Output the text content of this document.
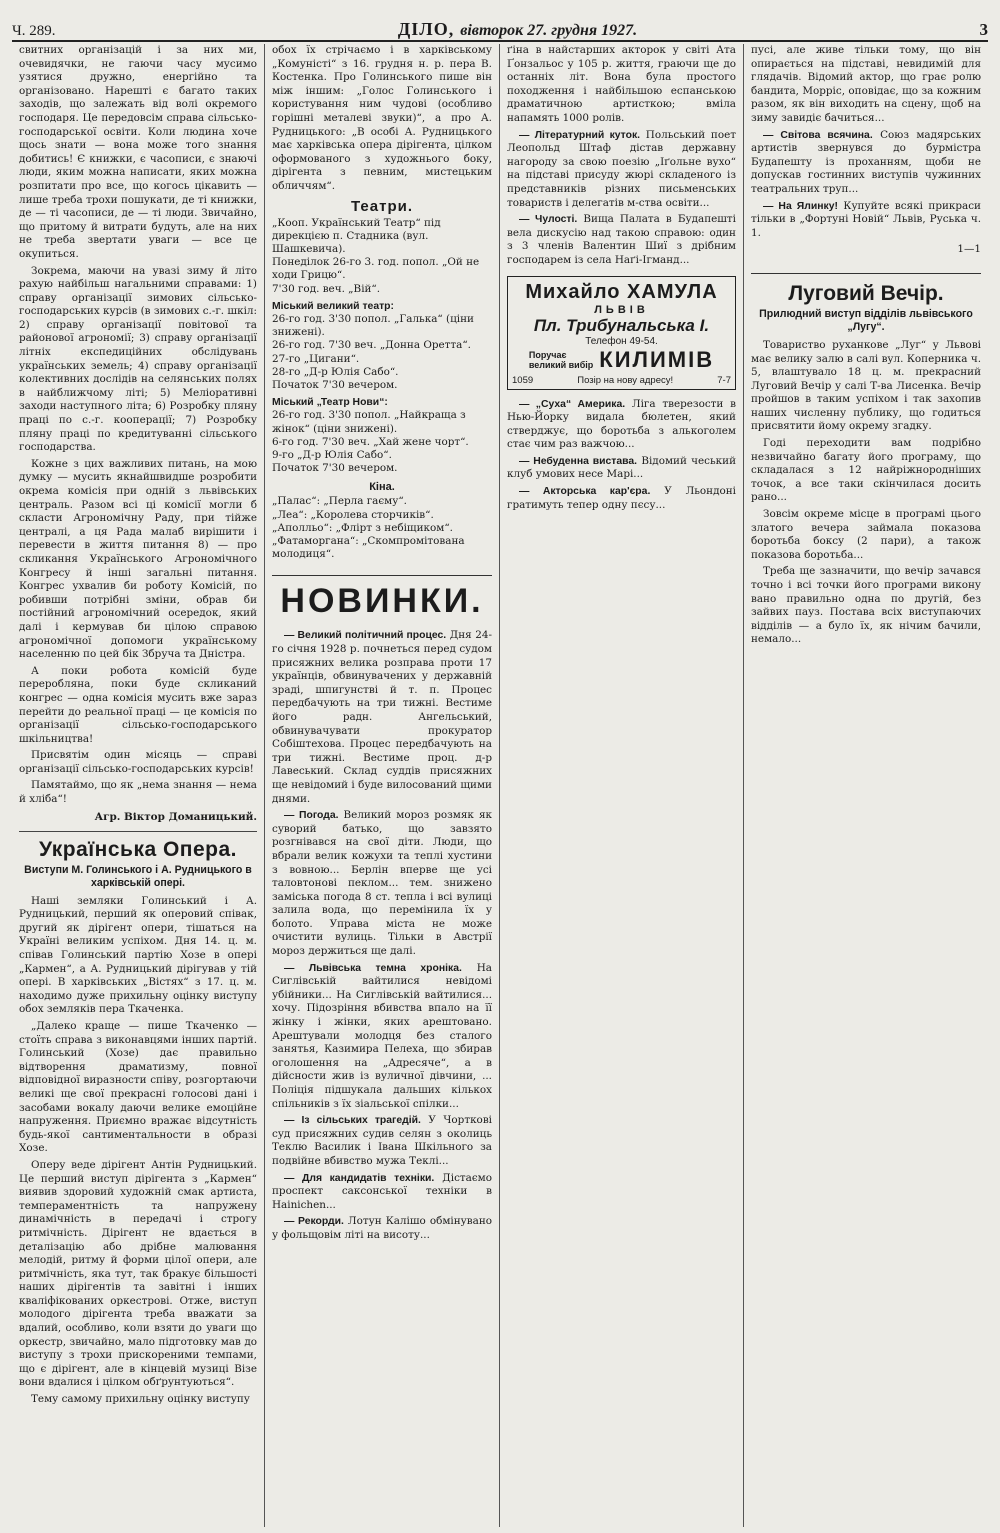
Ч. 289.	ДІЛО, вівторок 27. грудня 1927.	3

свитних організацій і за них ми, очевидячки, не гаючи часу мусимо узятися дружно, енергійно та організовано. Нарешті є багато таких заходів, що залежать від волі окремого господаря. Це передовсім справа сільсько-господарської освіти. Коли людина хоче щось знати — вона може того знання добитись! Є книжки, є часописи, є знаючі люди, яким можна написати, яких можна розпитати про все, що когось цікавить — лише треба трохи пошукати, де ті книжки, де — ті часописи, де — ті люди. Звичайно, що притому й витрати будуть, але на них не треба звертати уваги — все це окупиться.

Зокрема, маючи на увазі зиму й літо рахую найбільш нагальними справами: 1) справу організації зимових сільсько-господарських курсів (в зимових с.-г. шкіл: 2) справу організації повітової та районової агрономії; 3) справу організації літніх експедиційних обслідувань українських земель; 4) справу організації колективних дослідів на селянських полях в найближчому літі; 5) Меліоративні заходи наступного літа; 6) Розробку пляну праці по с.-г. кооперації; 7) Розробку пляну праці по кредитуванні сільського господарства.

Кожне з цих важливих питань, на мою думку — мусить якнайшвидше розробити окрема комісія при одній з львівських централь. Разом всі ці комісії могли б скласти Агрономічну Раду, при тійже централі, а ця Рада малаб вирішити і перевести в життя питання 8) — про скликання Українського Агрономічного Конгресу й інші загальні питання. Конгрес ухвалив би роботу Комісій, по робивши потрібні зміни, обрав би постійний агрономічний осередок, який далі і кермував би цілою справою агрономічної допомоги українському населенню по цей бік Збруча та Дністра.

А поки робота комісій буде переробляна, поки буде скликаний конгрес — одна комісія мусить вже зараз перейти до реальної праці — це комісія по організації сільсько-господарського шкільництва!

Присвятім один місяць — справі організації сільсько-господарських курсів!

Памятаймо, що як „нема знання — нема й хліба“!

Агр. Віктор Доманицький.
Українська Опера.
Виступи М. Голинського і А. Рудницького в харківській опері.

Наші земляки Голинський і А. Рудницький, перший як оперовий співак, другий як дірігент опери, тішаться на Україні великим успіхом. Дня 14. ц. м. співав Голинський партію Хозе в опері „Кармен“, а А. Рудницький дірігував у тій опері. В харківських „Вістях“ з 17. ц. м. находимо дуже прихильну оцінку виступу обох земляків пера Ткаченка.

„Далеко краще — пише Ткаченко — стоїть справа з виконавцями інших партій. Голинський (Хозе) дає правильно відтворення драматизму, повної відповідної виразности співу, розгортаючи великі ще свої прекрасні голосові дані і засобами вокалу даючи велике емоційне напруження. Приємно вражає відсутність будь-якої сантиментальности в образі Хозе.

Оперу веде дірігент Антін Рудницький. Це перший виступ дірігента з „Кармен“ виявив здоровий художній смак артиста, темпераментність та напружену динамічність в передачі і строгу ритмічність. Дірігент не вдається в деталізацію або дрібне малювання мелодій, ритму й форми цілої опери, але ритмічність, яка тут, так бракує більшості наших дірігентів та завітні і інших кваліфікованих оркестрові. Отже, виступ молодого дірігента треба вважати за вдалий, особливо, коли взяти до уваги що оркестр, звичайно, мало підготовку мав до виступу з трохи прискореними темпами, що є дірігент, але в кінцевій музиці Візе вони вдалися і цілком обґрунтуються“.

Тему самому прихильну оцінку виступу

обох їх стрічаємо і в харківському „Комуністі“ з 16. грудня н. р. пера В. Костенка. Про Голинського пише він між іншим: „Голос Голинського і користування ним чудові (особливо горішні металеві звуки)“, а про А. Рудницького: „В особі А. Рудницького має харківська опера дірігента, цілком оформованого з художнього боку, дірігента з певним, мистецьким обличчям“.

Театри.

„Кооп. Український Театр“ під дирекцією п. Стадника (вул. Шашкевича).

Понеділок 26-го 3. год. попол. „Ой не ходи Грицю“.

7'30 год. веч. „Вій“.

Міський великий театр:

26-го год. 3'30 попол. „Галька“ (ціни знижені).

26-го год. 7'30 веч. „Донна Оретта“.

27-го „Цигани“.

28-го „Д-р Юлія Сабо“.

Початок 7'30 вечером.

Міський „Театр Нови“:

26-го год. 3'30 попол. „Найкраща з жінок“ (ціни знижені).

6-го год. 7'30 веч. „Хай жене чорт“.

9-го „Д-р Юлія Сабо“.

Початок 7'30 вечером.

Кіна.

„Палас“: „Перла гаєму“.

„Леа“: „Королева сторчиків“.

„Аполльо“: „Фліpт з небіщиком“.

„Фатаморгана“: „Скомпромітована молодиця“.

НОВИНКИ.

— Великий політичний процес. Дня 24-го січня 1928 р. почнеться перед судом присяжних велика розправа проти 17 українців, обвинувачених у державній зраді, шпигунстві й т. п. Процес передбачують на три тижні. Вестиме його радн. Ангельський, обвинувачувати прокуратор Собіштехова. Процес передбачують на три тижні. Вестиме проц. д-р Лавеський. Склад суддів присяжних ще невідомий і буде вилосований щими днями.

— Погода. Великий мороз розмяк як суворий батько, що завзято розгнівався на свої діти. Люди, що вбрали велик кожухи та теплі хустини з вовною... Берлін вперве ще усі таловтонові пеклом... тем. знижено заміська погода 8 ст. тепла і всі вулиці залила вода, що перемінила їх у болото. Управа міста не може очистити вулиць. Тільки в Австрії мороз держиться ще далі.

— Львівська темна хроніка. На Сиглівській вайтилися невідомі убійники... На Сиглівській вайтилися... хочу. Підозріння вбивства впало на її жінку і жінки, яких арештовано. Арештували молодця без сталого занятья, Казимира Пелеха, що збирав оголошення на „Адресяче“, а в дійсности жив із вуличної дівчини, ... Поліція підшукала дальших кількох спільників з їх зіальської спілки...

— Із сільських трагедій. У Чорткові суд присяжних судив селян з околиць Теклю Василик і Івана Шкільного за подвійне вбивство мужа Теклі...

— Для кандидатів техніки. Дістаємо проспект саксонської техніки в Hainichen...

— Рекорди. Лотун Калішо обмінувано у фольщовім літі на висоту...

ґіна в найстарших акторок у світі Ата Ґонзальос у 105 р. життя, граючи ще до останніх літ. Вона була простого походження і найбільшою еспанською драматичною артисткою; вміла напамять 1000 ролів.

— Літературний куток. Польський поет Леопольд Штаф дістав державну нагороду за свою поезію „Іґольне вухо“ на підставі присуду жюрі складеного із представників різних письменських товариств і делегатів м-ства освіти...

— Чулості. Вища Палата в Будапешті вела дискусію над такою справою: один з 3 членів Валентин Шиї з дрібним господарем із села Наґі-Ігманд...

Михайло ХАМУЛА
ЛЬВІВ
Пл. Трибунальська І.
Телефон 49-54.
Поручає
великий вибір КИЛИМІВ
1059	Позір на нову адресу!	7-7

— „Суха“ Америка. Ліга тверезости в Нью-Йорку видала бюлетен, який стверджує, що боротьба з алькоголем стає чим раз важчою...

— Небуденна вистава. Відомий чеський клуб умових несе Марі...

— Акторська кар'єра. У Льондоні гратимуть тепер одну пєсу...

пусі, але живе тільки тому, що він опирається на підставі, невидимій для глядачів. Відомий актор, що грає ролю бандита, Морріс, оповідає, що за кожним разом, як він виходить на сцену, щоб на зиму завидіє бачиться...

— Світова всячина. Союз мадярських артистів звернувся до бурмістра Будапешту із проханням, щоби не допускав гостинних виступів чужинних театральних труп...

— На Ялинку! Купуйте всякі прикраси тільки в „Фортуні Новій“ Львів, Руська ч. 1.

1—1

Луговий Вечір.
Прилюдний виступ відділів львівського „Лугу“.

Товариство руханкове „Луг“ у Львові має велику залю в салі вул. Коперника ч. 5, влаштувало 18 ц. м. прекрасний Луговий Вечір у салі Т-ва Лисенка. Вечір пройшов в таким успіхом і так захопив наших численну публику, що годиться присвятити йому окрему згадку.

Годі переходити вам подрібно незвичайно багату його програму, що складалася з 12 найріжнороднішиx точок, а все таки скінчилася досить рано...

Зовсім окреме місце в програмі цього златого вечера займала показова боротьба боксу (2 пари), а також показова боротьба...

Треба ще зазначити, що вечір зачався точно і всі точки його програми викону вано правильно одна по другій, без зайвих пауз. Постава всіх виступаючих відділів — а було їх, як нічим бачили, немало...
